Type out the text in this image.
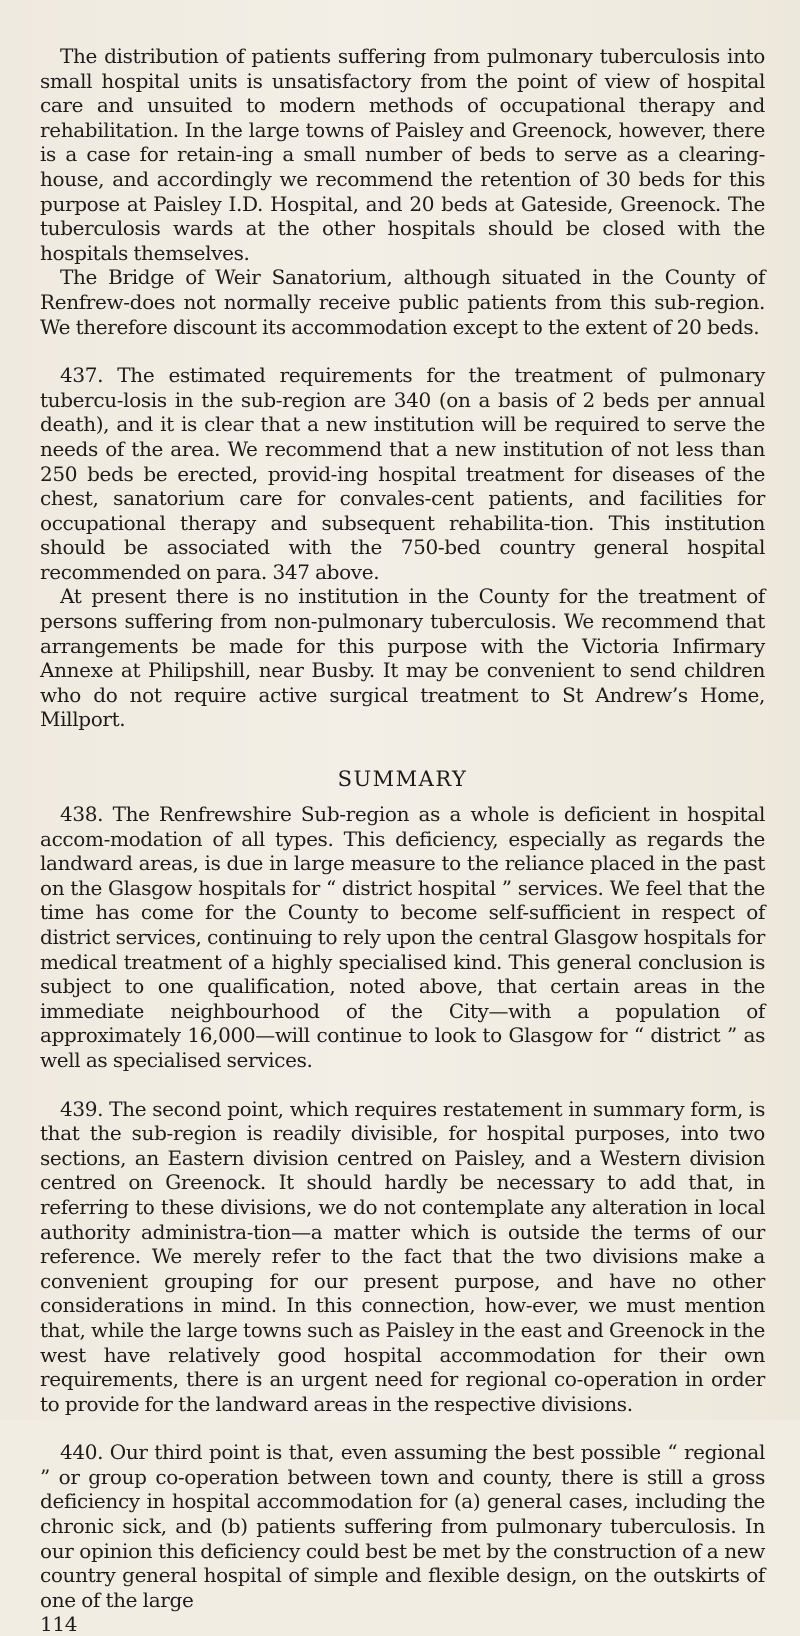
The distribution of patients suffering from pulmonary tuberculosis into small hospital units is unsatisfactory from the point of view of hospital care and unsuited to modern methods of occupational therapy and rehabilitation. In the large towns of Paisley and Greenock, however, there is a case for retain-ing a small number of beds to serve as a clearing-house, and accordingly we recommend the retention of 30 beds for this purpose at Paisley I.D. Hospital, and 20 beds at Gateside, Greenock. The tuberculosis wards at the other hospitals should be closed with the hospitals themselves.

The Bridge of Weir Sanatorium, although situated in the County of Renfrew-does not normally receive public patients from this sub-region. We therefore discount its accommodation except to the extent of 20 beds.

437. The estimated requirements for the treatment of pulmonary tubercu-losis in the sub-region are 340 (on a basis of 2 beds per annual death), and it is clear that a new institution will be required to serve the needs of the area. We recommend that a new institution of not less than 250 beds be erected, provid-ing hospital treatment for diseases of the chest, sanatorium care for convales-cent patients, and facilities for occupational therapy and subsequent rehabilita-tion. This institution should be associated with the 750-bed country general hospital recommended on para. 347 above.

At present there is no institution in the County for the treatment of persons suffering from non-pulmonary tuberculosis. We recommend that arrangements be made for this purpose with the Victoria Infirmary Annexe at Philipshill, near Busby. It may be convenient to send children who do not require active surgical treatment to St Andrew’s Home, Millport.

SUMMARY

438. The Renfrewshire Sub-region as a whole is deficient in hospital accom-modation of all types. This deficiency, especially as regards the landward areas, is due in large measure to the reliance placed in the past on the Glasgow hospitals for “ district hospital ” services. We feel that the time has come for the County to become self-sufficient in respect of district services, continuing to rely upon the central Glasgow hospitals for medical treatment of a highly specialised kind. This general conclusion is subject to one qualification, noted above, that certain areas in the immediate neighbourhood of the City—with a population of approximately 16,000—will continue to look to Glasgow for “ district ” as well as specialised services.

439. The second point, which requires restatement in summary form, is that the sub-region is readily divisible, for hospital purposes, into two sections, an Eastern division centred on Paisley, and a Western division centred on Greenock. It should hardly be necessary to add that, in referring to these divisions, we do not contemplate any alteration in local authority administra-tion—a matter which is outside the terms of our reference. We merely refer to the fact that the two divisions make a convenient grouping for our present purpose, and have no other considerations in mind. In this connection, how-ever, we must mention that, while the large towns such as Paisley in the east and Greenock in the west have relatively good hospital accommodation for their own requirements, there is an urgent need for regional co-operation in order to provide for the landward areas in the respective divisions.

440. Our third point is that, even assuming the best possible “ regional ” or group co-operation between town and county, there is still a gross deficiency in hospital accommodation for (a) general cases, including the chronic sick, and (b) patients suffering from pulmonary tuberculosis. In our opinion this deficiency could best be met by the construction of a new country general hospital of simple and flexible design, on the outskirts of one of the large

114
